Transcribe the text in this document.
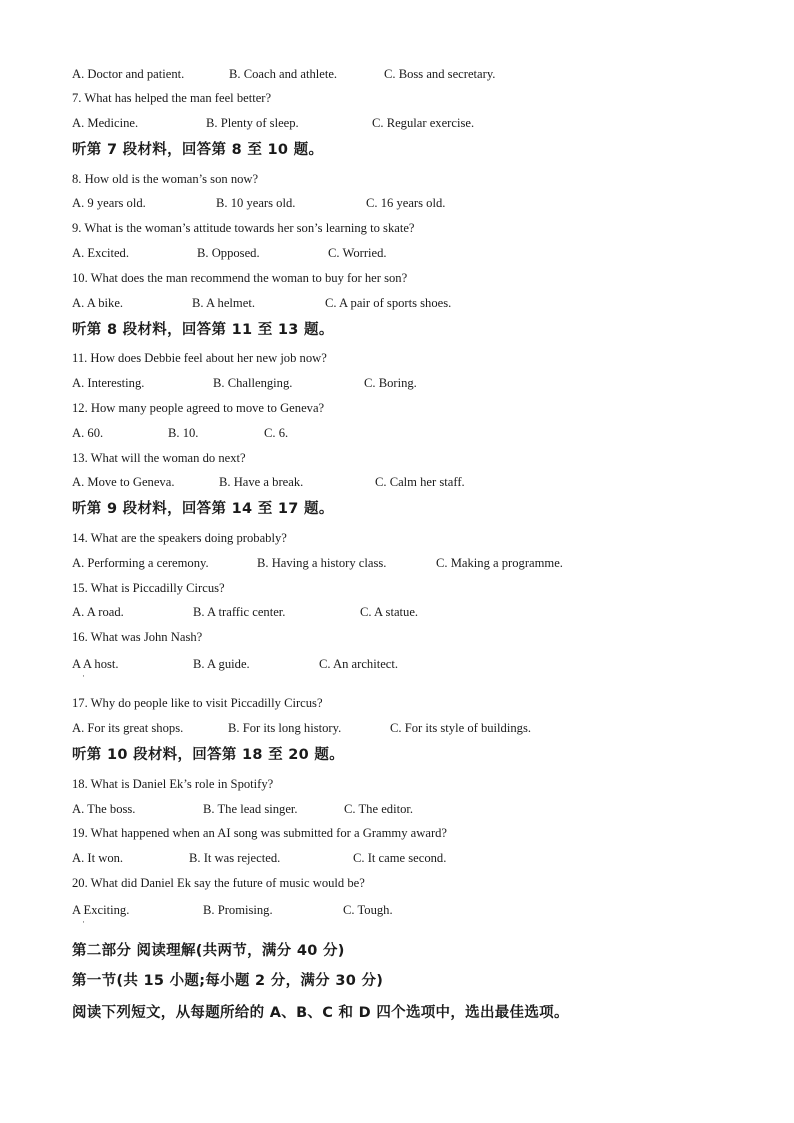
A. Doctor and patient.	B. Coach and athlete.	C. Boss and secretary.
7. What has helped the man feel better?
A. Medicine.	B. Plenty of sleep.	C. Regular exercise.
听第 7 段材料，回答第 8 至 10 题。
8. How old is the woman’s son now?
A. 9 years old.	B. 10 years old.	C. 16 years old.
9. What is the woman’s attitude towards her son’s learning to skate?
A. Excited.	B. Opposed.	C. Worried.
10. What does the man recommend the woman to buy for her son?
A. A bike.	B. A helmet.	C. A pair of sports shoes.
听第 8 段材料，回答第 11 至 13 题。
11. How does Debbie feel about her new job now?
A. Interesting.	B. Challenging.	C. Boring.
12. How many people agreed to move to Geneva?
A. 60.	B. 10.	C. 6.
13. What will the woman do next?
A. Move to Geneva.	B. Have a break.	C. Calm her staff.
听第 9 段材料，回答第 14 至 17 题。
14. What are the speakers doing probably?
A. Performing a ceremony.	B. Having a history class.	C. Making a programme.
15. What is Piccadilly Circus?
A. A road.	B. A traffic center.	C. A statue.
16. What was John Nash?
A A host.	B. A guide.	C. An architect.
·
17. Why do people like to visit Piccadilly Circus?
A. For its great shops.	B. For its long history.	C. For its style of buildings.
听第 10 段材料，回答第 18 至 20 题。
18. What is Daniel Ek’s role in Spotify?
A. The boss.	B. The lead singer.	C. The editor.
19. What happened when an AI song was submitted for a Grammy award?
A. It won.	B. It was rejected.	C. It came second.
20. What did Daniel Ek say the future of music would be?
A Exciting.	B. Promising.	C. Tough.
·
第二部分 阅读理解(共两节，满分 40 分)
第一节(共 15 小题;每小题 2 分，满分 30 分)
阅读下列短文，从每题所给的 A、B、C 和 D 四个选项中，选出最佳选项。
